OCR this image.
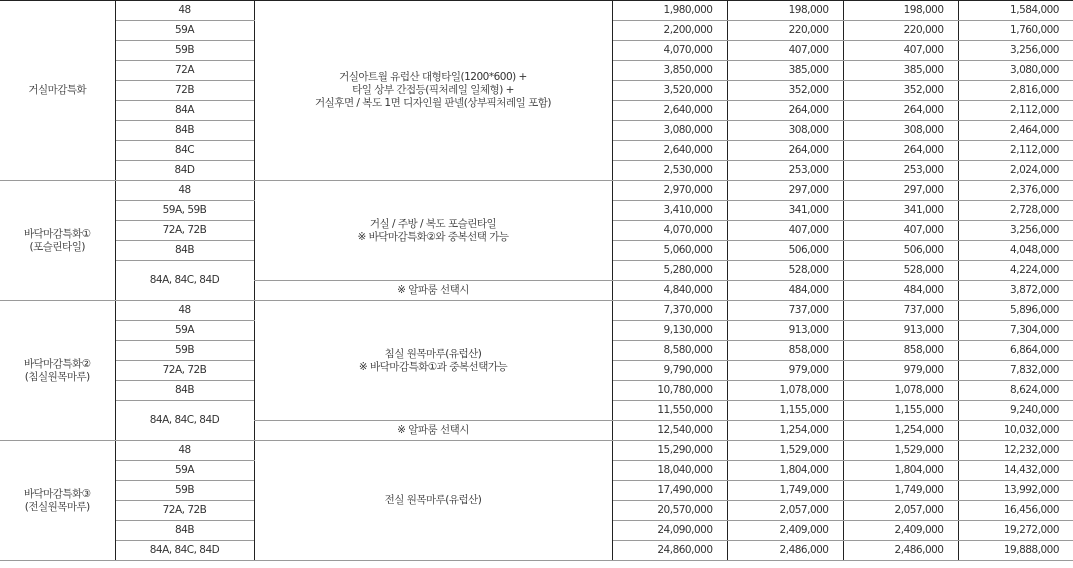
거실마감특화	48	거실아트월 유럽산 대형타일(1200*600) +
타일 상부 간접등(픽처레일 일체형) +
거실후면 / 복도 1면 디자인월 판넬(상부픽처레일 포함)	1,980,000	198,000	198,000	1,584,000
	59A		2,200,000	220,000	220,000	1,760,000
	59B		4,070,000	407,000	407,000	3,256,000
	72A		3,850,000	385,000	385,000	3,080,000
	72B		3,520,000	352,000	352,000	2,816,000
	84A		2,640,000	264,000	264,000	2,112,000
	84B		3,080,000	308,000	308,000	2,464,000
	84C		2,640,000	264,000	264,000	2,112,000
	84D		2,530,000	253,000	253,000	2,024,000

바닥마감특화①
(포슬린타일)	48	거실 / 주방 / 복도 포슬린타일
※ 바닥마감특화②와 중복선택 가능	2,970,000	297,000	297,000	2,376,000
	59A, 59B		3,410,000	341,000	341,000	2,728,000
	72A, 72B		4,070,000	407,000	407,000	3,256,000
	84B		5,060,000	506,000	506,000	4,048,000
	84A, 84C, 84D		5,280,000	528,000	528,000	4,224,000
		※ 알파룸 선택시	4,840,000	484,000	484,000	3,872,000

바닥마감특화②
(침실원목마루)	48	침실 원목마루(유럽산)
※ 바닥마감특화①과 중복선택가능	7,370,000	737,000	737,000	5,896,000
	59A		9,130,000	913,000	913,000	7,304,000
	59B		8,580,000	858,000	858,000	6,864,000
	72A, 72B		9,790,000	979,000	979,000	7,832,000
	84B		10,780,000	1,078,000	1,078,000	8,624,000
	84A, 84C, 84D		11,550,000	1,155,000	1,155,000	9,240,000
		※ 알파룸 선택시	12,540,000	1,254,000	1,254,000	10,032,000

바닥마감특화③
(전실원목마루)	48	전실 원목마루(유럽산)	15,290,000	1,529,000	1,529,000	12,232,000
	59A		18,040,000	1,804,000	1,804,000	14,432,000
	59B		17,490,000	1,749,000	1,749,000	13,992,000
	72A, 72B		20,570,000	2,057,000	2,057,000	16,456,000
	84B		24,090,000	2,409,000	2,409,000	19,272,000
	84A, 84C, 84D		24,860,000	2,486,000	2,486,000	19,888,000
